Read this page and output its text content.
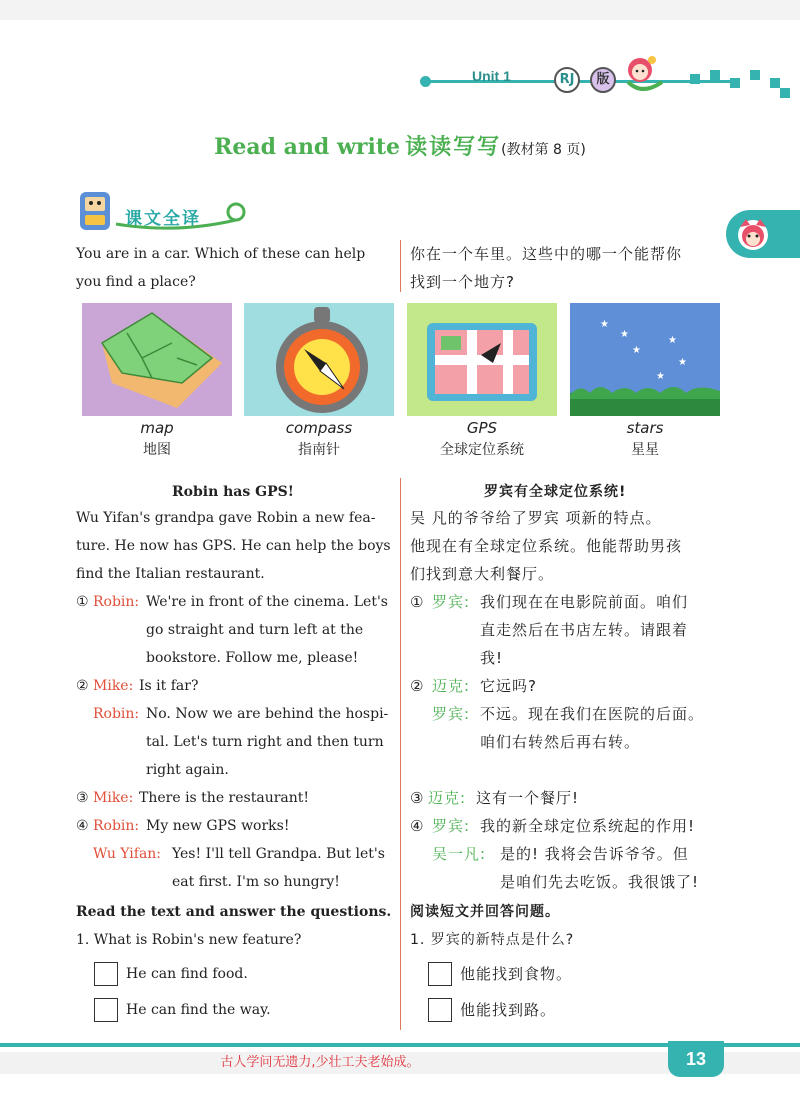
Unit 1	RJ	版
Read and write 读读写写(教材第 8 页)
课文全译
You are in a car. Which of these can help
you find a place?
你在一个车里。这些中的哪一个能帮你
找到一个地方?
★
★
★
★
★
★
map
地图
compass
指南针
GPS
全球定位系统
stars
星星
Robin has GPS!	罗宾有全球定位系统!
Wu Yifan's grandpa gave Robin a new fea-
ture. He now has GPS. He can help the boys
find the Italian restaurant.
吴 凡的爷爷给了罗宾 项新的特点。
他现在有全球定位系统。他能帮助男孩
们找到意大利餐厅。
① Robin: We're in front of the cinema. Let's
go straight and turn left at the
bookstore. Follow me, please!
② Mike: Is it far?
Robin: No. Now we are behind the hospi-
tal. Let's turn right and then turn
right again.
③ Mike: There is the restaurant!
④ Robin: My new GPS works!
Wu Yifan: Yes! I'll tell Grandpa. But let's
eat first. I'm so hungry!
① 罗宾: 我们现在在电影院前面。咱们
直走然后在书店左转。请跟着
我!
② 迈克: 它远吗?
罗宾: 不远。现在我们在医院的后面。
咱们右转然后再右转。
③ 迈克: 这有一个餐厅!
④ 罗宾: 我的新全球定位系统起的作用!
吴一凡: 是的! 我将会告诉爷爷。但
是咱们先去吃饭。我很饿了!
Read the text and answer the questions. 阅读短文并回答问题。
1. What is Robin's new feature?	1. 罗宾的新特点是什么?
He can find food.
He can find the way.
他能找到食物。
他能找到路。
古人学问无遗力,少壮工夫老始成。	13
